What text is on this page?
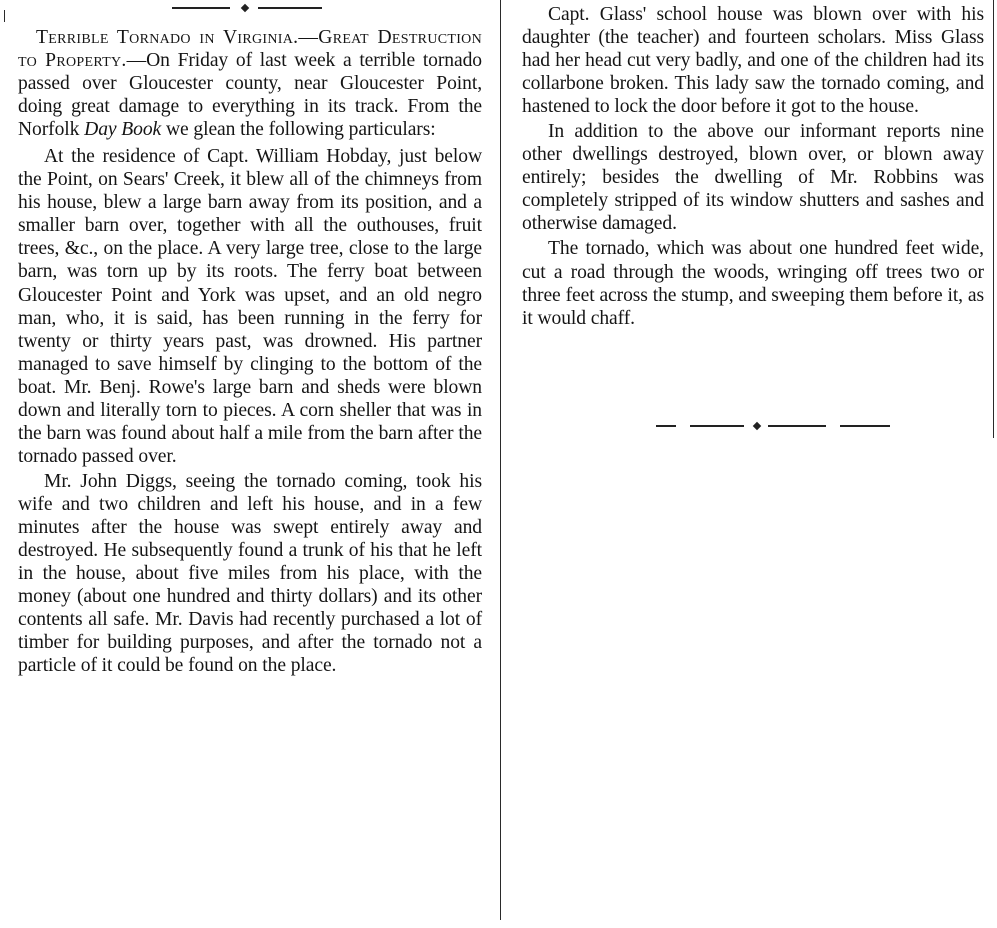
Terrible Tornado in Virginia.—Great Destruction to Property.—On Friday of last week a terrible tornado passed over Gloucester county, near Gloucester Point, doing great damage to everything in its track. From the Norfolk Day Book we glean the following particulars:

At the residence of Capt. William Hobday, just below the Point, on Sears' Creek, it blew all of the chimneys from his house, blew a large barn away from its position, and a smaller barn over, together with all the outhouses, fruit trees, &c., on the place. A very large tree, close to the large barn, was torn up by its roots. The ferry boat between Gloucester Point and York was upset, and an old negro man, who, it is said, has been running in the ferry for twenty or thirty years past, was drowned. His partner managed to save himself by clinging to the bottom of the boat. Mr. Benj. Rowe's large barn and sheds were blown down and literally torn to pieces. A corn sheller that was in the barn was found about half a mile from the barn after the tornado passed over.

Mr. John Diggs, seeing the tornado coming, took his wife and two children and left his house, and in a few minutes after the house was swept entirely away and destroyed. He subsequently found a trunk of his that he left in the house, about five miles from his place, with the money (about one hundred and thirty dollars) and its other contents all safe. Mr. Davis had recently purchased a lot of timber for building purposes, and after the tornado not a particle of it could be found on the place.

Capt. Glass' school house was blown over with his daughter (the teacher) and fourteen scholars. Miss Glass had her head cut very badly, and one of the children had its collarbone broken. This lady saw the tornado coming, and hastened to lock the door before it got to the house.

In addition to the above our informant reports nine other dwellings destroyed, blown over, or blown away entirely; besides the dwelling of Mr. Robbins was completely stripped of its window shutters and sashes and otherwise damaged.

The tornado, which was about one hundred feet wide, cut a road through the woods, wringing off trees two or three feet across the stump, and sweeping them before it, as it would chaff.
